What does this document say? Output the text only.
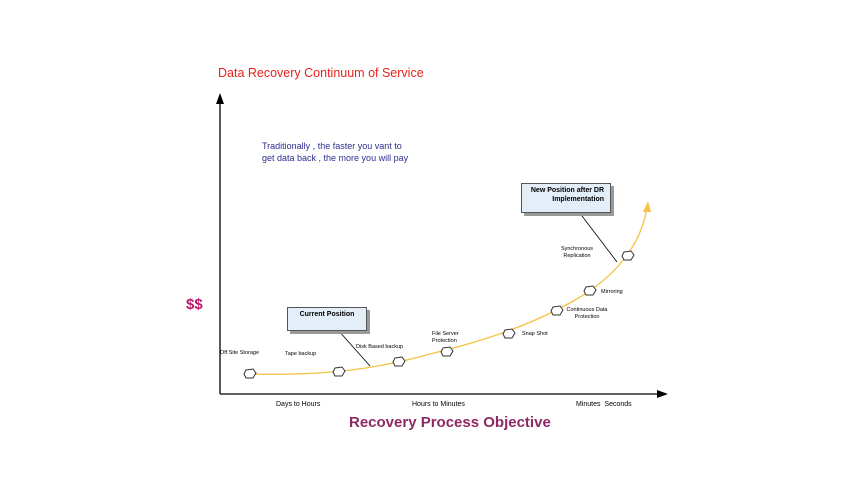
Data Recovery Continuum of Service
Traditionally , the faster you vant to get data back , the more you will pay
$$
Recovery Process Objective
Days to Hours	Hours to Minutes	Minutes  Seconds
Off Site Storage	Tape backup
Disk Based backup
File Server Protection
Snap Shot
Continuous Data Protection
Mirroring
Synchronous Replication
Current Position
New Position after DR Implementation
